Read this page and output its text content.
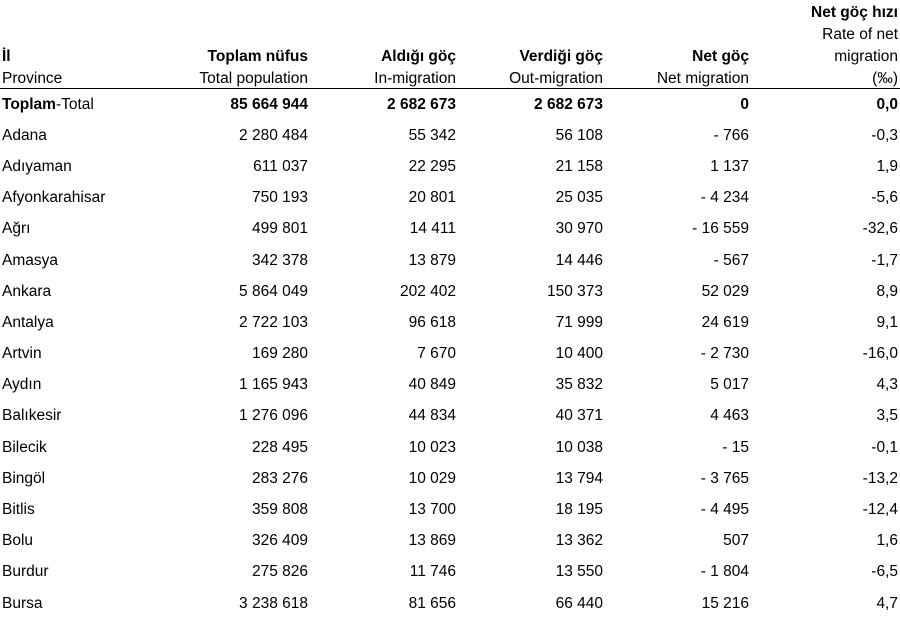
					Net göç hızı
					Rate of net
İl	Toplam nüfus	Aldığı göç	Verdiği göç	Net göç	migration
Province	Total population	In-migration	Out-migration	Net migration	(‰)
Toplam-Total	85 664 944	2 682 673	2 682 673	0	0,0
Adana	2 280 484	55 342	56 108	- 766	-0,3
Adıyaman	611 037	22 295	21 158	1 137	1,9
Afyonkarahisar	750 193	20 801	25 035	- 4 234	-5,6
Ağrı	499 801	14 411	30 970	- 16 559	-32,6
Amasya	342 378	13 879	14 446	- 567	-1,7
Ankara	5 864 049	202 402	150 373	52 029	8,9
Antalya	2 722 103	96 618	71 999	24 619	9,1
Artvin	169 280	7 670	10 400	- 2 730	-16,0
Aydın	1 165 943	40 849	35 832	5 017	4,3
Balıkesir	1 276 096	44 834	40 371	4 463	3,5
Bilecik	228 495	10 023	10 038	- 15	-0,1
Bingöl	283 276	10 029	13 794	- 3 765	-13,2
Bitlis	359 808	13 700	18 195	- 4 495	-12,4
Bolu	326 409	13 869	13 362	507	1,6
Burdur	275 826	11 746	13 550	- 1 804	-6,5
Bursa	3 238 618	81 656	66 440	15 216	4,7
